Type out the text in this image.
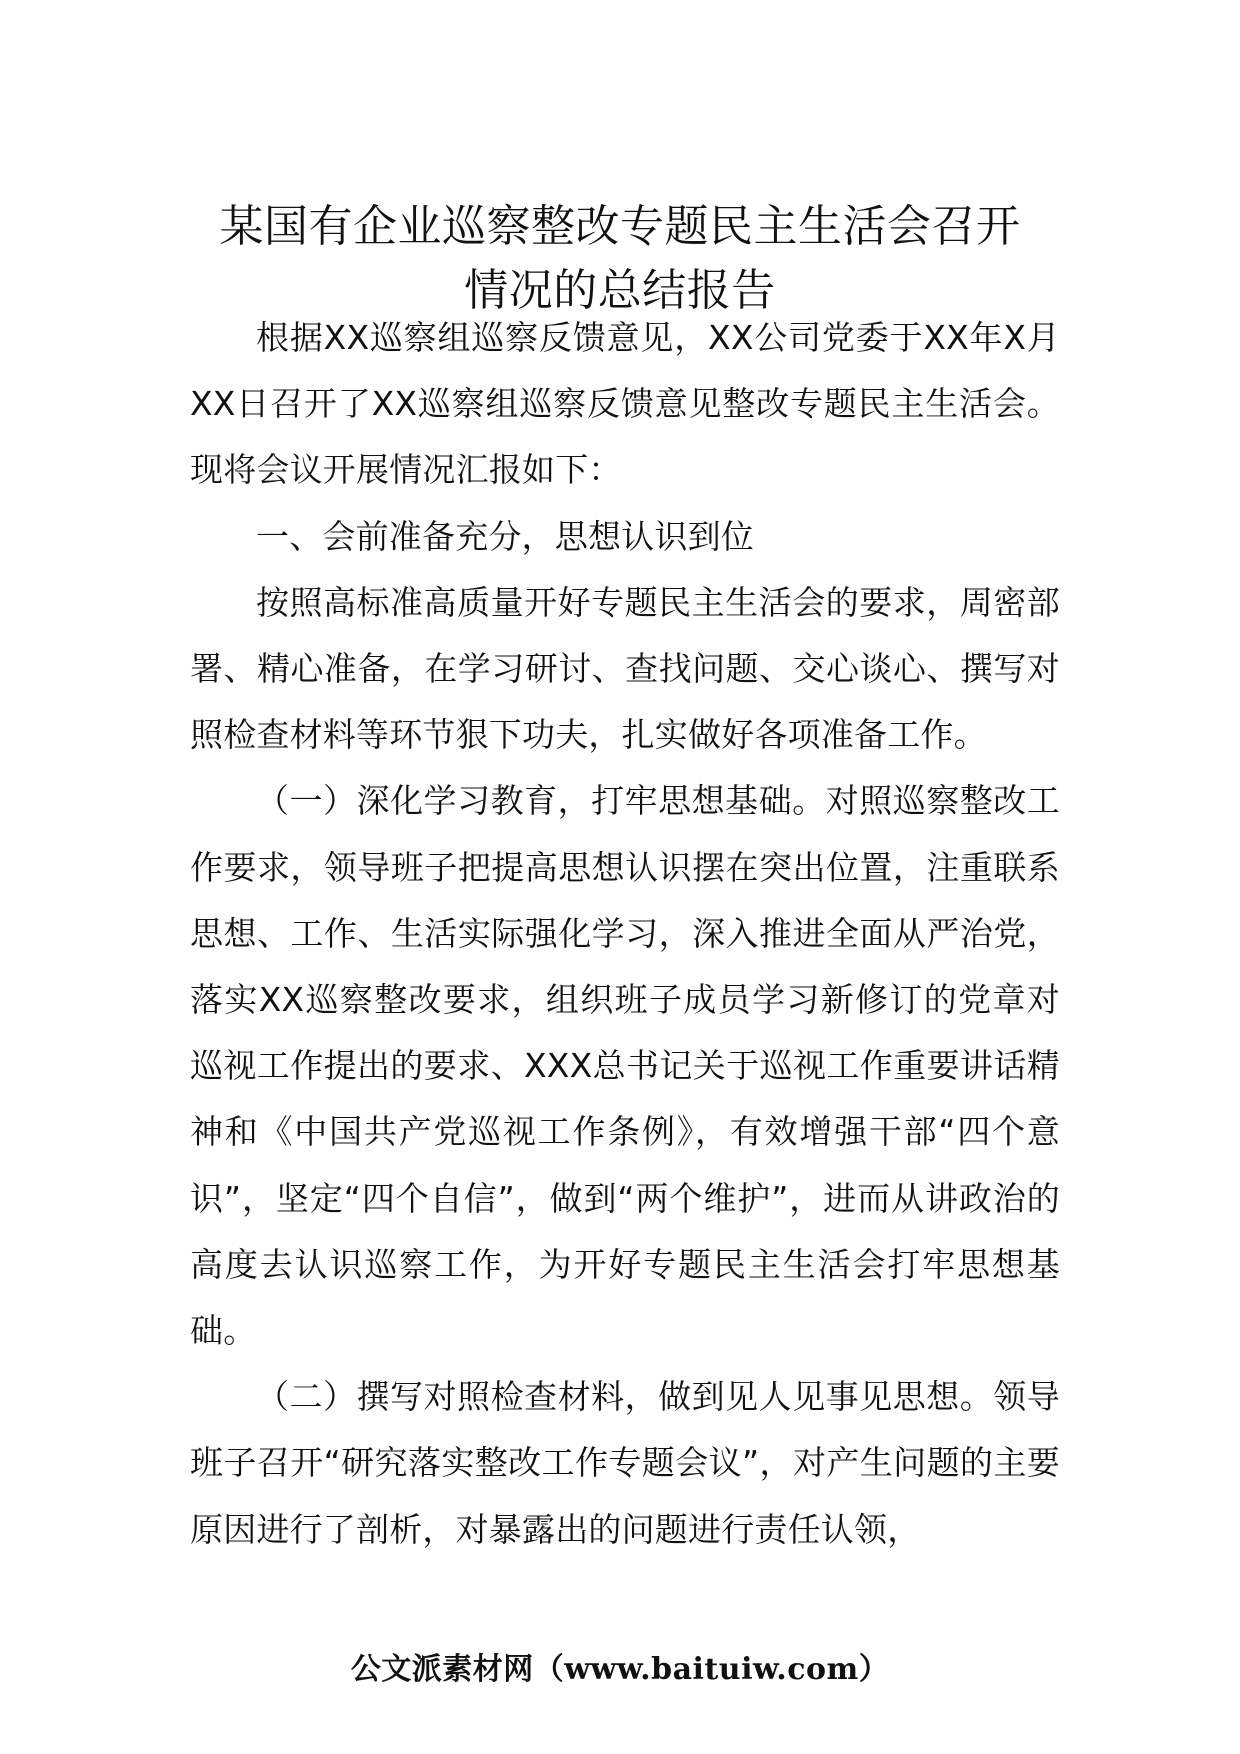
某国有企业巡察整改专题民主生活会召开
情况的总结报告

根据XX巡察组巡察反馈意见，XX公司党委于XX年X月XX日召开了XX巡察组巡察反馈意见整改专题民主生活会。现将会议开展情况汇报如下：

一、会前准备充分，思想认识到位

按照高标准高质量开好专题民主生活会的要求，周密部署、精心准备，在学习研讨、查找问题、交心谈心、撰写对照检查材料等环节狠下功夫，扎实做好各项准备工作。

（一）深化学习教育，打牢思想基础。对照巡察整改工作要求，领导班子把提高思想认识摆在突出位置，注重联系思想、工作、生活实际强化学习，深入推进全面从严治党，落实XX巡察整改要求，组织班子成员学习新修订的党章对巡视工作提出的要求、XXX总书记关于巡视工作重要讲话精神和《中国共产党巡视工作条例》，有效增强干部“四个意识”，坚定“四个自信”，做到“两个维护”，进而从讲政治的高度去认识巡察工作，为开好专题民主生活会打牢思想基础。

（二）撰写对照检查材料，做到见人见事见思想。领导班子召开“研究落实整改工作专题会议”，对产生问题的主要原因进行了剖析，对暴露出的问题进行责任认领，

公文派素材网（www.baituiw.com）
